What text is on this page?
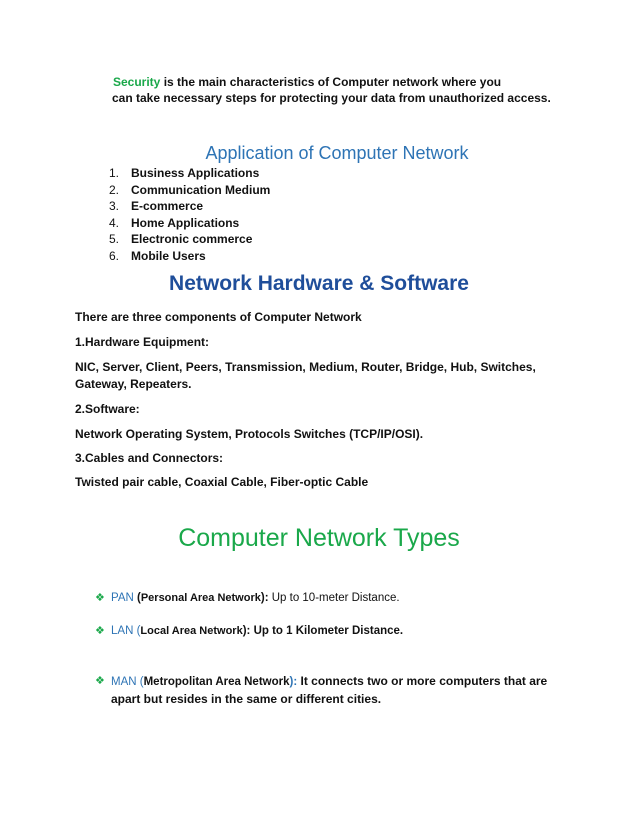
Security is the main characteristics of Computer network where you
can take necessary steps for protecting your data from unauthorized access.
Application of Computer Network
1. Business Applications
2. Communication Medium
3. E-commerce
4. Home Applications
5. Electronic commerce
6. Mobile Users
Network Hardware & Software
There are three components of Computer Network
1.Hardware Equipment:
NIC, Server, Client, Peers, Transmission, Medium, Router, Bridge, Hub, Switches, Gateway, Repeaters.
2.Software:
Network Operating System, Protocols Switches (TCP/IP/OSI).
3.Cables and Connectors:
Twisted pair cable, Coaxial Cable, Fiber-optic Cable
Computer Network Types
❖ PAN (Personal Area Network): Up to 10-meter Distance.
❖ LAN (Local Area Network): Up to 1 Kilometer Distance.
❖ MAN (Metropolitan Area Network): It connects two or more computers that are apart but resides in the same or different cities.
